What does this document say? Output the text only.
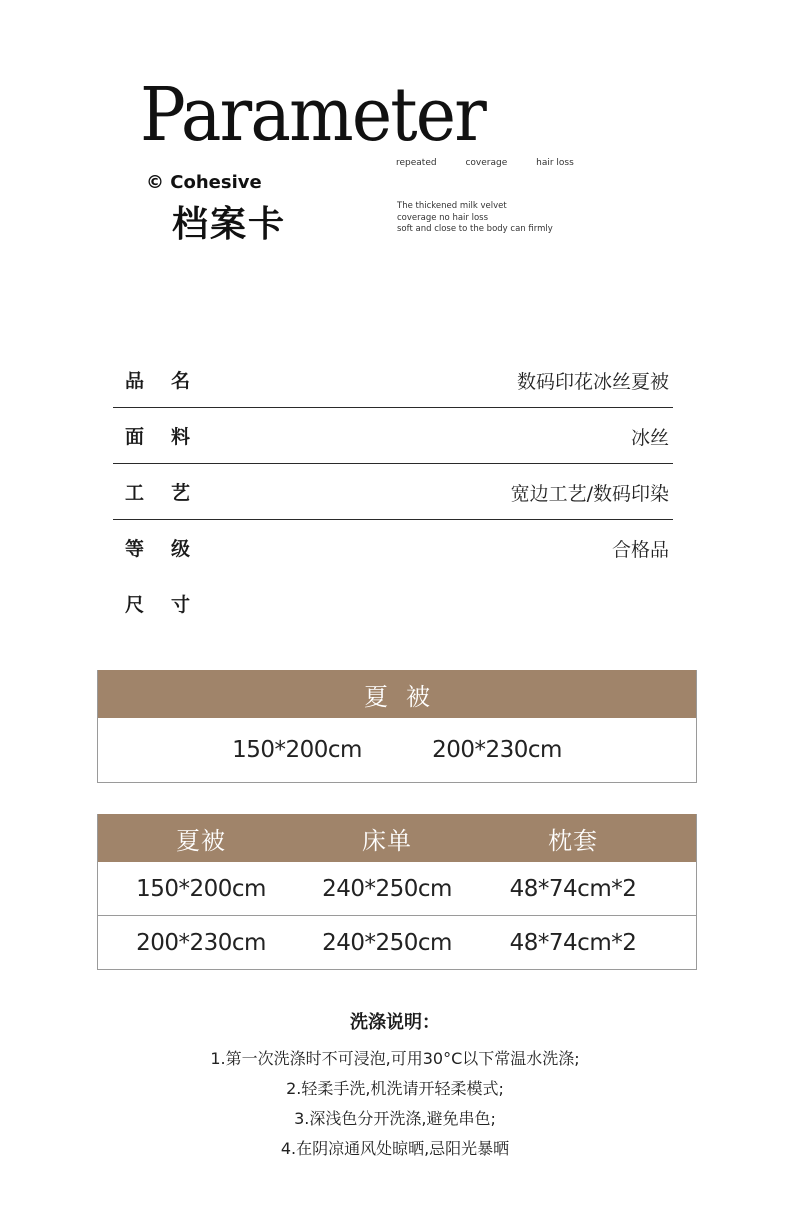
Parameter
repeated	coverage	hair loss
© Cohesive
档案卡	The thickened milk velvet
coverage no hair loss
soft and close to the body can firmly
品名	数码印花冰丝夏被
面料	冰丝
工艺	宽边工艺/数码印染
等级	合格品
尺寸
夏被
150*200cm	200*230cm
夏被	床单	枕套
150*200cm	240*250cm	48*74cm*2
200*230cm	240*250cm	48*74cm*2
洗涤说明：
1.第一次洗涤时不可浸泡,可用30°C以下常温水洗涤;
2.轻柔手洗,机洗请开轻柔模式;
3.深浅色分开洗涤,避免串色;
4.在阴凉通风处晾晒,忌阳光暴晒
